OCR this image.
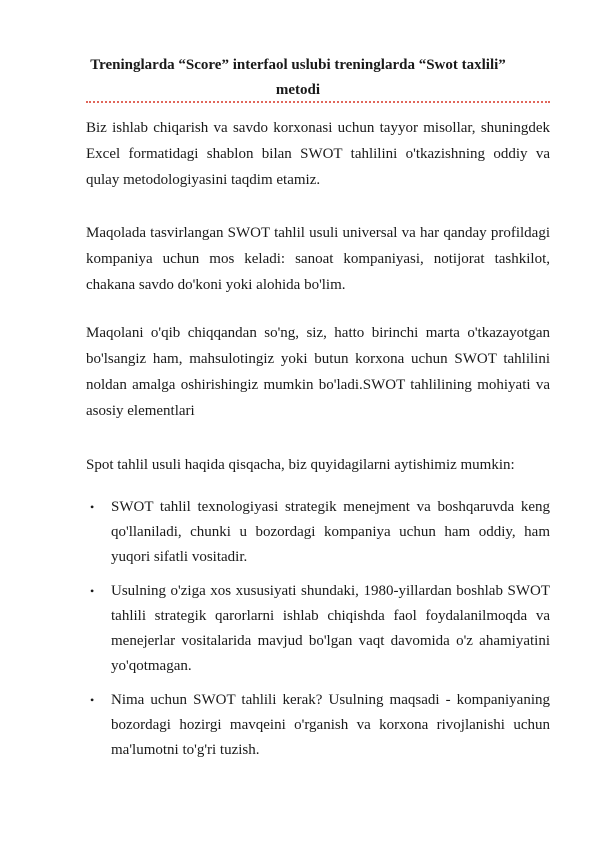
Treninglarda “Score” interfaol uslubi treninglarda “Swot taxlili” metodi

Biz ishlab chiqarish va savdo korxonasi uchun tayyor misollar, shuningdek Excel formatidagi shablon bilan SWOT tahlilini o'tkazishning oddiy va qulay metodologiyasini taqdim etamiz.

Maqolada tasvirlangan SWOT tahlil usuli universal va har qanday profildagi kompaniya uchun mos keladi: sanoat kompaniyasi, notijorat tashkilot, chakana savdo do'koni yoki alohida bo'lim.

Maqolani o'qib chiqqandan so'ng, siz, hatto birinchi marta o'tkazayotgan bo'lsangiz ham, mahsulotingiz yoki butun korxona uchun SWOT tahlilini noldan amalga oshirishingiz mumkin bo'ladi.SWOT tahlilining mohiyati va asosiy elementlari

Spot tahlil usuli haqida qisqacha, biz quyidagilarni aytishimiz mumkin:

•	SWOT tahlil texnologiyasi strategik menejment va boshqaruvda keng qo'llaniladi, chunki u bozordagi kompaniya uchun ham oddiy, ham yuqori sifatli vositadir.
•	Usulning o'ziga xos xususiyati shundaki, 1980-yillardan boshlab SWOT tahlili strategik qarorlarni ishlab chiqishda faol foydalanilmoqda va menejerlar vositalarida mavjud bo'lgan vaqt davomida o'z ahamiyatini yo'qotmagan.
•	Nima uchun SWOT tahlili kerak? Usulning maqsadi - kompaniyaning bozordagi hozirgi mavqeini o'rganish va korxona rivojlanishi uchun ma'lumotni to'g'ri tuzish.
